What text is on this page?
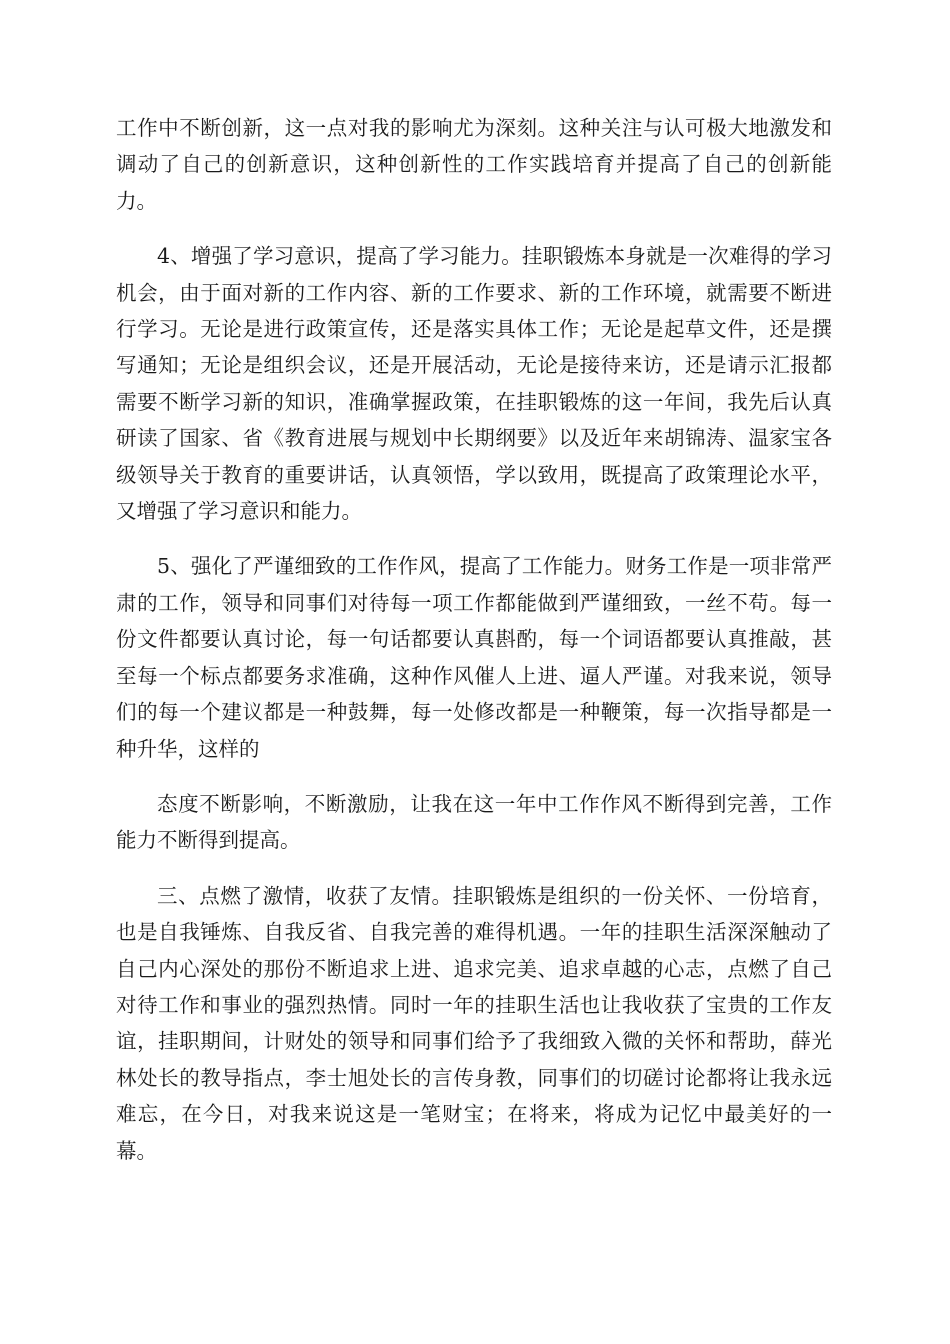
工作中不断创新，这一点对我的影响尤为深刻。这种关注与认可极大地激发和调动了自己的创新意识，这种创新性的工作实践培育并提高了自己的创新能力。

4、增强了学习意识，提高了学习能力。挂职锻炼本身就是一次难得的学习机会，由于面对新的工作内容、新的工作要求、新的工作环境，就需要不断进行学习。无论是进行政策宣传，还是落实具体工作；无论是起草文件，还是撰写通知；无论是组织会议，还是开展活动，无论是接待来访，还是请示汇报都需要不断学习新的知识，准确掌握政策，在挂职锻炼的这一年间，我先后认真研读了国家、省《教育进展与规划中长期纲要》以及近年来胡锦涛、温家宝各级领导关于教育的重要讲话，认真领悟，学以致用，既提高了政策理论水平，又增强了学习意识和能力。

5、强化了严谨细致的工作作风，提高了工作能力。财务工作是一项非常严肃的工作，领导和同事们对待每一项工作都能做到严谨细致，一丝不苟。每一份文件都要认真讨论，每一句话都要认真斟酌，每一个词语都要认真推敲，甚至每一个标点都要务求准确，这种作风催人上进、逼人严谨。对我来说，领导们的每一个建议都是一种鼓舞，每一处修改都是一种鞭策，每一次指导都是一种升华，这样的

态度不断影响，不断激励，让我在这一年中工作作风不断得到完善，工作能力不断得到提高。

三、点燃了激情，收获了友情。挂职锻炼是组织的一份关怀、一份培育，也是自我锤炼、自我反省、自我完善的难得机遇。一年的挂职生活深深触动了自己内心深处的那份不断追求上进、追求完美、追求卓越的心志，点燃了自己对待工作和事业的强烈热情。同时一年的挂职生活也让我收获了宝贵的工作友谊，挂职期间，计财处的领导和同事们给予了我细致入微的关怀和帮助，薛光林处长的教导指点，李士旭处长的言传身教，同事们的切磋讨论都将让我永远难忘，在今日，对我来说这是一笔财宝；在将来，将成为记忆中最美好的一幕。
